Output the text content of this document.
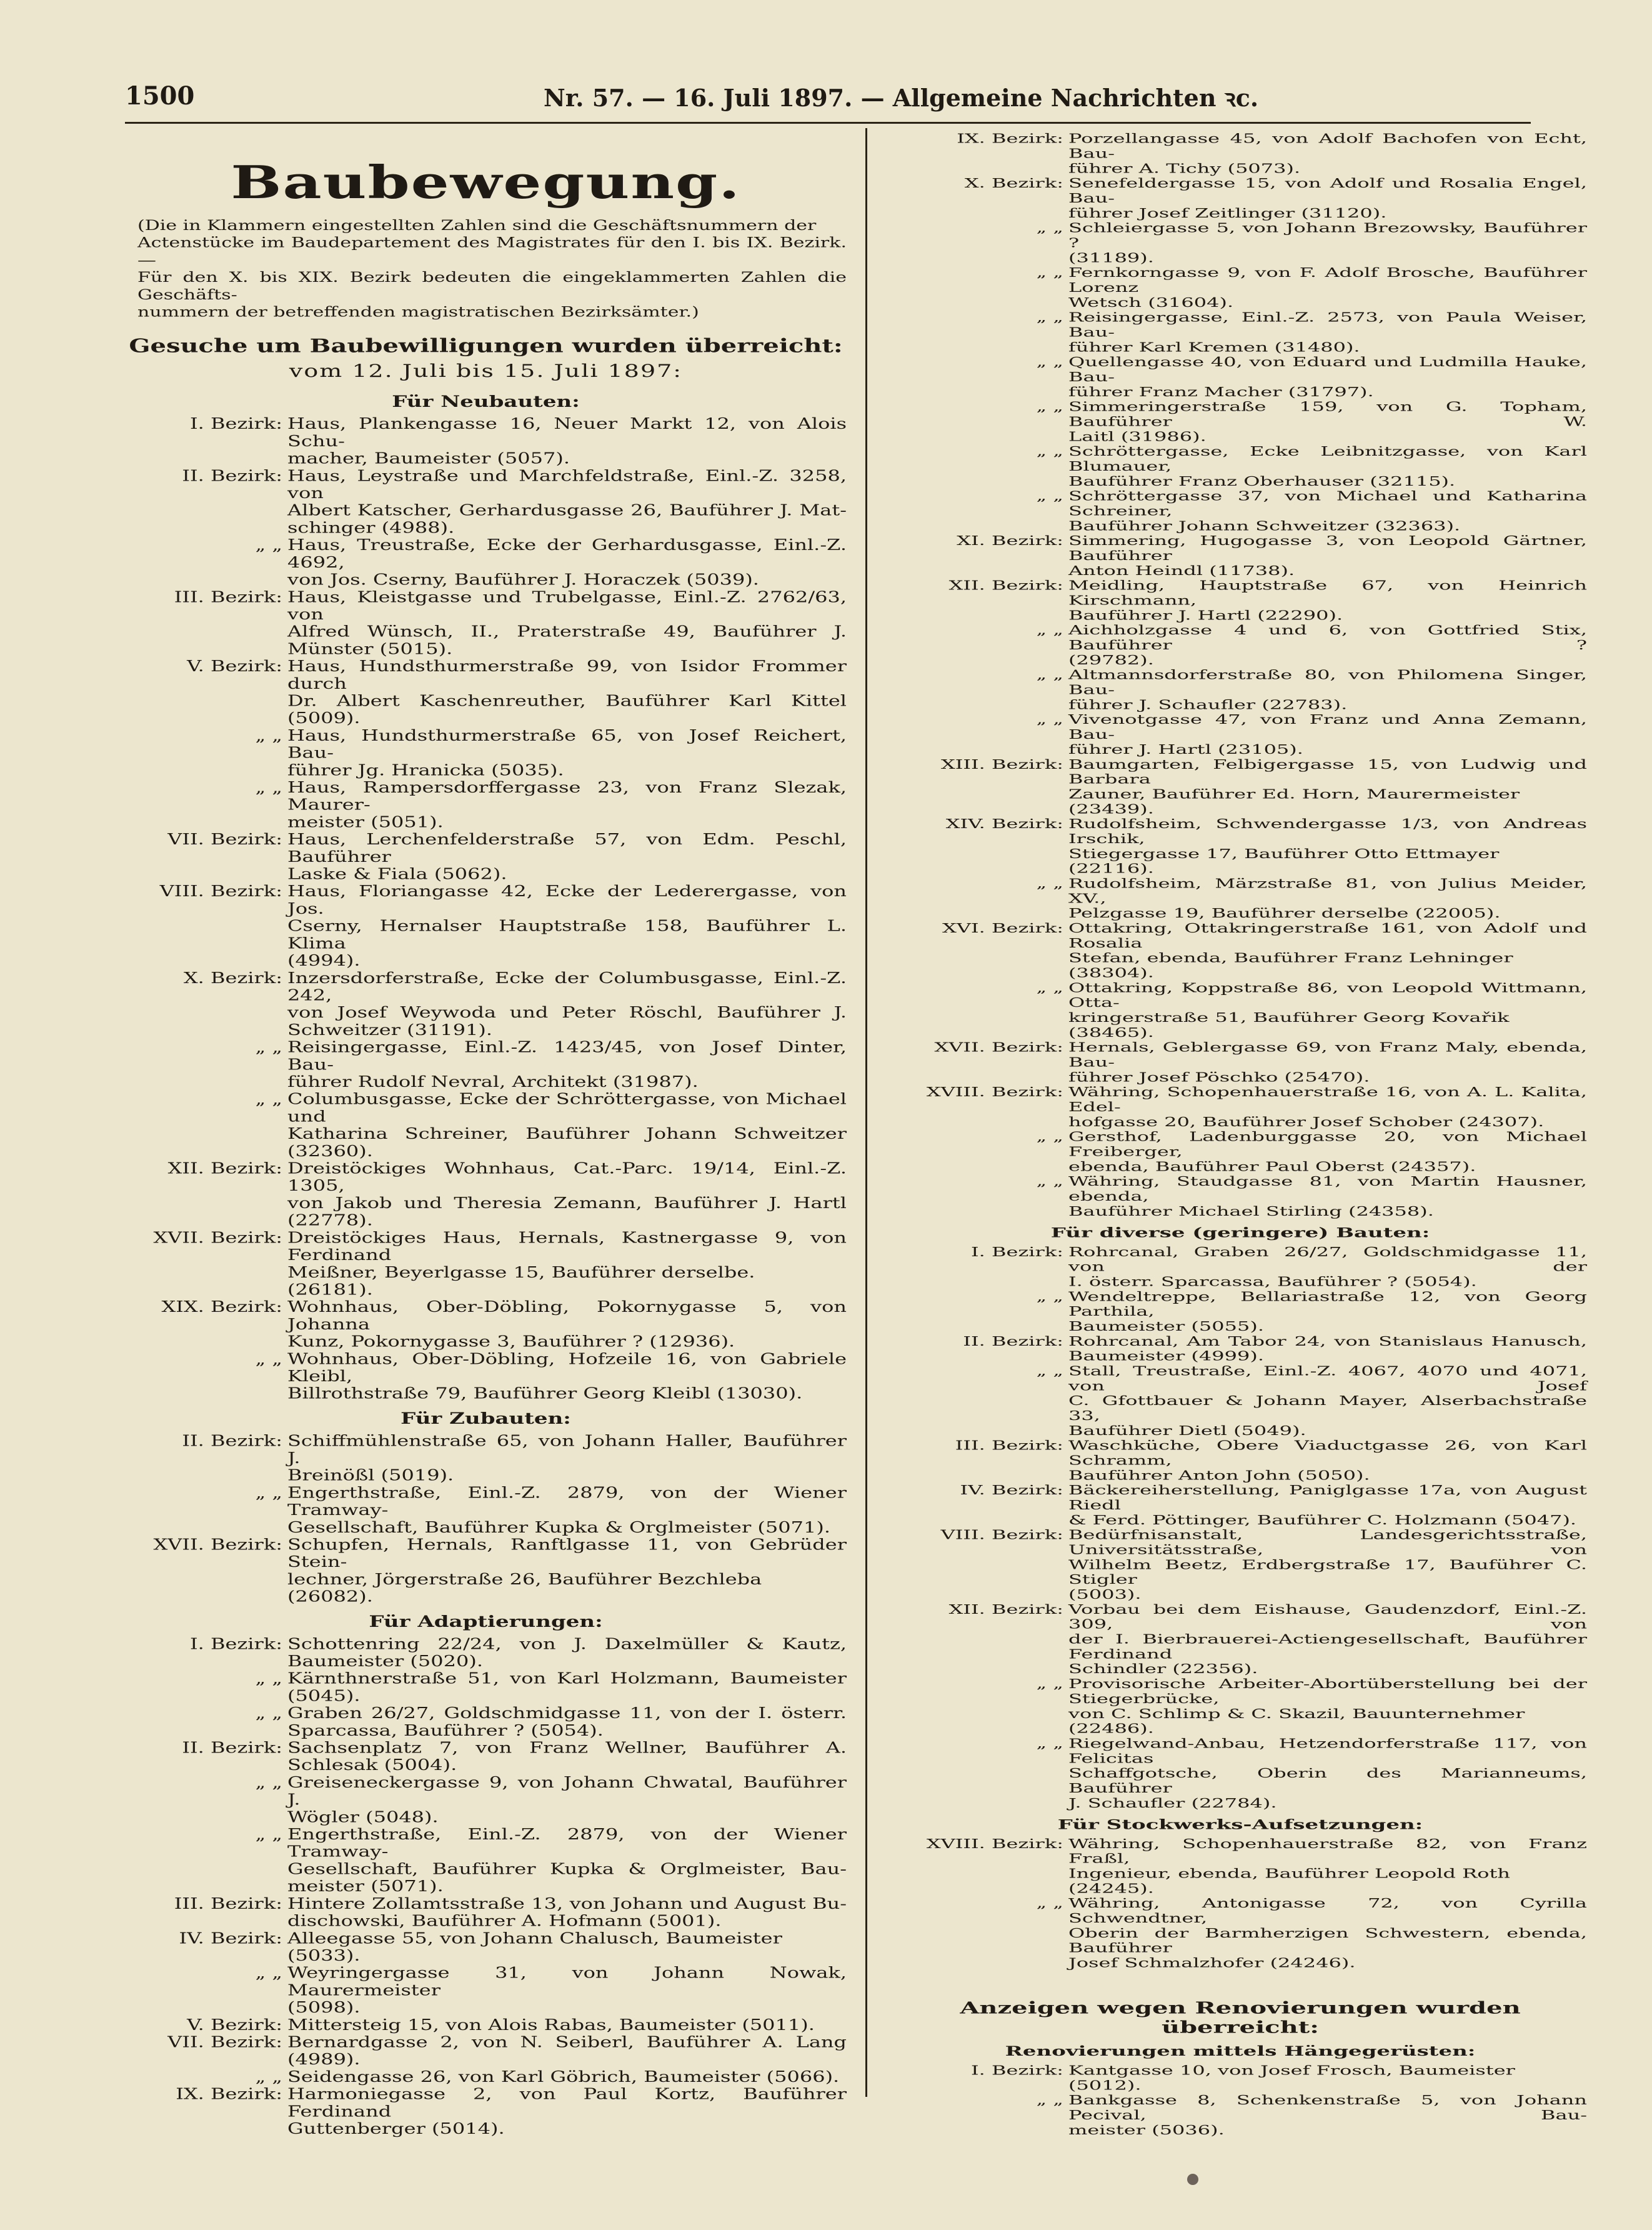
1500	Nr. 57. — 16. Juli 1897. — Allgemeine Nachrichten ꝛc.
Baubewegung.
(Die in Klammern eingestellten Zahlen sind die Geschäftsnummern der
Actenstücke im Baudepartement des Magistrates für den I. bis IX. Bezirk. —
Für den X. bis XIX. Bezirk bedeuten die eingeklammerten Zahlen die Geschäfts-
nummern der betreffenden magistratischen Bezirksämter.)
Gesuche um Baubewilligungen wurden überreicht:
vom 12. Juli bis 15. Juli 1897:
Für Neubauten:
I. Bezirk: Haus, Plankengasse 16, Neuer Markt 12, von Alois Schu-
macher, Baumeister (5057).
II. Bezirk: Haus, Leystraße und Marchfeldstraße, Einl.-Z. 3258, von
Albert Katscher, Gerhardusgasse 26, Bauführer J. Mat-
schinger (4988).
„ „ Haus, Treustraße, Ecke der Gerhardusgasse, Einl.-Z. 4692,
von Jos. Cserny, Bauführer J. Horaczek (5039).
III. Bezirk: Haus, Kleistgasse und Trubelgasse, Einl.-Z. 2762/63, von
Alfred Wünsch, II., Praterstraße 49, Bauführer J.
Münster (5015).
V. Bezirk: Haus, Hundsthurmerstraße 99, von Isidor Frommer durch
Dr. Albert Kaschenreuther, Bauführer Karl Kittel
(5009).
„ „ Haus, Hundsthurmerstraße 65, von Josef Reichert, Bau-
führer Jg. Hranicka (5035).
„ „ Haus, Rampersdorffergasse 23, von Franz Slezak, Maurer-
meister (5051).
VII. Bezirk: Haus, Lerchenfelderstraße 57, von Edm. Peschl, Bauführer
Laske & Fiala (5062).
VIII. Bezirk: Haus, Floriangasse 42, Ecke der Lederergasse, von Jos.
Cserny, Hernalser Hauptstraße 158, Bauführer L. Klima
(4994).
X. Bezirk: Inzersdorferstraße, Ecke der Columbusgasse, Einl.-Z. 242,
von Josef Weywoda und Peter Röschl, Bauführer J.
Schweitzer (31191).
„ „ Reisingergasse, Einl.-Z. 1423/45, von Josef Dinter, Bau-
führer Rudolf Nevral, Architekt (31987).
„ „ Columbusgasse, Ecke der Schröttergasse, von Michael und
Katharina Schreiner, Bauführer Johann Schweitzer
(32360).
XII. Bezirk: Dreistöckiges Wohnhaus, Cat.-Parc. 19/14, Einl.-Z. 1305,
von Jakob und Theresia Zemann, Bauführer J. Hartl
(22778).
XVII. Bezirk: Dreistöckiges Haus, Hernals, Kastnergasse 9, von Ferdinand
Meißner, Beyerlgasse 15, Bauführer derselbe. (26181).
XIX. Bezirk: Wohnhaus, Ober-Döbling, Pokornygasse 5, von Johanna
Kunz, Pokornygasse 3, Bauführer ? (12936).
„ „ Wohnhaus, Ober-Döbling, Hofzeile 16, von Gabriele Kleibl,
Billrothstraße 79, Bauführer Georg Kleibl (13030).
Für Zubauten:
II. Bezirk: Schiffmühlenstraße 65, von Johann Haller, Bauführer J.
Breinößl (5019).
„ „ Engerthstraße, Einl.-Z. 2879, von der Wiener Tramway-
Gesellschaft, Bauführer Kupka & Orglmeister (5071).
XVII. Bezirk: Schupfen, Hernals, Ranftlgasse 11, von Gebrüder Stein-
lechner, Jörgerstraße 26, Bauführer Bezchleba (26082).
Für Adaptierungen:
I. Bezirk: Schottenring 22/24, von J. Daxelmüller & Kautz,
Baumeister (5020).
„ „ Kärnthnerstraße 51, von Karl Holzmann, Baumeister
(5045).
„ „ Graben 26/27, Goldschmidgasse 11, von der I. österr.
Sparcassa, Bauführer ? (5054).
II. Bezirk: Sachsenplatz 7, von Franz Wellner, Bauführer A.
Schlesak (5004).
„ „ Greiseneckergasse 9, von Johann Chwatal, Bauführer J.
Wögler (5048).
„ „ Engerthstraße, Einl.-Z. 2879, von der Wiener Tramway-
Gesellschaft, Bauführer Kupka & Orglmeister, Bau-
meister (5071).
III. Bezirk: Hintere Zollamtsstraße 13, von Johann und August Bu-
dischowski, Bauführer A. Hofmann (5001).
IV. Bezirk: Alleegasse 55, von Johann Chalusch, Baumeister (5033).
„ „ Weyringergasse 31, von Johann Nowak, Maurermeister
(5098).
V. Bezirk: Mittersteig 15, von Alois Rabas, Baumeister (5011).
VII. Bezirk: Bernardgasse 2, von N. Seiberl, Bauführer A. Lang
(4989).
„ „ Seidengasse 26, von Karl Göbrich, Baumeister (5066).
IX. Bezirk: Harmoniegasse 2, von Paul Kortz, Bauführer Ferdinand
Guttenberger (5014).
IX. Bezirk: Porzellangasse 45, von Adolf Bachofen von Echt, Bau-
führer A. Tichy (5073).
X. Bezirk: Senefeldergasse 15, von Adolf und Rosalia Engel, Bau-
führer Josef Zeitlinger (31120).
„ „ Schleiergasse 5, von Johann Brezowsky, Bauführer ?
(31189).
„ „ Fernkorngasse 9, von F. Adolf Brosche, Bauführer Lorenz
Wetsch (31604).
„ „ Reisingergasse, Einl.-Z. 2573, von Paula Weiser, Bau-
führer Karl Kremen (31480).
„ „ Quellengasse 40, von Eduard und Ludmilla Hauke, Bau-
führer Franz Macher (31797).
„ „ Simmeringerstraße 159, von G. Topham, Bauführer W.
Laitl (31986).
„ „ Schröttergasse, Ecke Leibnitzgasse, von Karl Blumauer,
Bauführer Franz Oberhauser (32115).
„ „ Schröttergasse 37, von Michael und Katharina Schreiner,
Bauführer Johann Schweitzer (32363).
XI. Bezirk: Simmering, Hugogasse 3, von Leopold Gärtner, Bauführer
Anton Heindl (11738).
XII. Bezirk: Meidling, Hauptstraße 67, von Heinrich Kirschmann,
Bauführer J. Hartl (22290).
„ „ Aichholzgasse 4 und 6, von Gottfried Stix, Bauführer ?
(29782).
„ „ Altmannsdorferstraße 80, von Philomena Singer, Bau-
führer J. Schaufler (22783).
„ „ Vivenotgasse 47, von Franz und Anna Zemann, Bau-
führer J. Hartl (23105).
XIII. Bezirk: Baumgarten, Felbigergasse 15, von Ludwig und Barbara
Zauner, Bauführer Ed. Horn, Maurermeister (23439).
XIV. Bezirk: Rudolfsheim, Schwendergasse 1/3, von Andreas Irschik,
Stiegergasse 17, Bauführer Otto Ettmayer (22116).
„ „ Rudolfsheim, Märzstraße 81, von Julius Meider, XV.,
Pelzgasse 19, Bauführer derselbe (22005).
XVI. Bezirk: Ottakring, Ottakringerstraße 161, von Adolf und Rosalia
Stefan, ebenda, Bauführer Franz Lehninger (38304).
„ „ Ottakring, Koppstraße 86, von Leopold Wittmann, Otta-
kringerstraße 51, Bauführer Georg Kovařik (38465).
XVII. Bezirk: Hernals, Geblergasse 69, von Franz Maly, ebenda, Bau-
führer Josef Pöschko (25470).
XVIII. Bezirk: Währing, Schopenhauerstraße 16, von A. L. Kalita, Edel-
hofgasse 20, Bauführer Josef Schober (24307).
„ „ Gersthof, Ladenburggasse 20, von Michael Freiberger,
ebenda, Bauführer Paul Oberst (24357).
„ „ Währing, Staudgasse 81, von Martin Hausner, ebenda,
Bauführer Michael Stirling (24358).
Für diverse (geringere) Bauten:
I. Bezirk: Rohrcanal, Graben 26/27, Goldschmidgasse 11, von der
I. österr. Sparcassa, Bauführer ? (5054).
„ „ Wendeltreppe, Bellariastraße 12, von Georg Parthila,
Baumeister (5055).
II. Bezirk: Rohrcanal, Am Tabor 24, von Stanislaus Hanusch,
Baumeister (4999).
„ „ Stall, Treustraße, Einl.-Z. 4067, 4070 und 4071, von Josef
C. Gfottbauer & Johann Mayer, Alserbachstraße 33,
Bauführer Dietl (5049).
III. Bezirk: Waschküche, Obere Viaductgasse 26, von Karl Schramm,
Bauführer Anton John (5050).
IV. Bezirk: Bäckereiherstellung, Paniglgasse 17a, von August Riedl
& Ferd. Pöttinger, Bauführer C. Holzmann (5047).
VIII. Bezirk: Bedürfnisanstalt, Landesgerichtsstraße, Universitätsstraße, von
Wilhelm Beetz, Erdbergstraße 17, Bauführer C. Stigler
(5003).
XII. Bezirk: Vorbau bei dem Eishause, Gaudenzdorf, Einl.-Z. 309, von
der I. Bierbrauerei-Actiengesellschaft, Bauführer Ferdinand
Schindler (22356).
„ „ Provisorische Arbeiter-Abortüberstellung bei der Stiegerbrücke,
von C. Schlimp & C. Skazil, Bauunternehmer (22486).
„ „ Riegelwand-Anbau, Hetzendorferstraße 117, von Felicitas
Schaffgotsche, Oberin des Marianneums, Bauführer
J. Schaufler (22784).
Für Stockwerks-Aufsetzungen:
XVIII. Bezirk: Währing, Schopenhauerstraße 82, von Franz Fraßl,
Ingenieur, ebenda, Bauführer Leopold Roth (24245).
„ „ Währing, Antonigasse 72, von Cyrilla Schwendtner,
Oberin der Barmherzigen Schwestern, ebenda, Bauführer
Josef Schmalzhofer (24246).
Anzeigen wegen Renovierungen wurden überreicht:
Renovierungen mittels Hängegerüsten:
I. Bezirk: Kantgasse 10, von Josef Frosch, Baumeister (5012).
„ „ Bankgasse 8, Schenkenstraße 5, von Johann Pecival, Bau-
meister (5036).
